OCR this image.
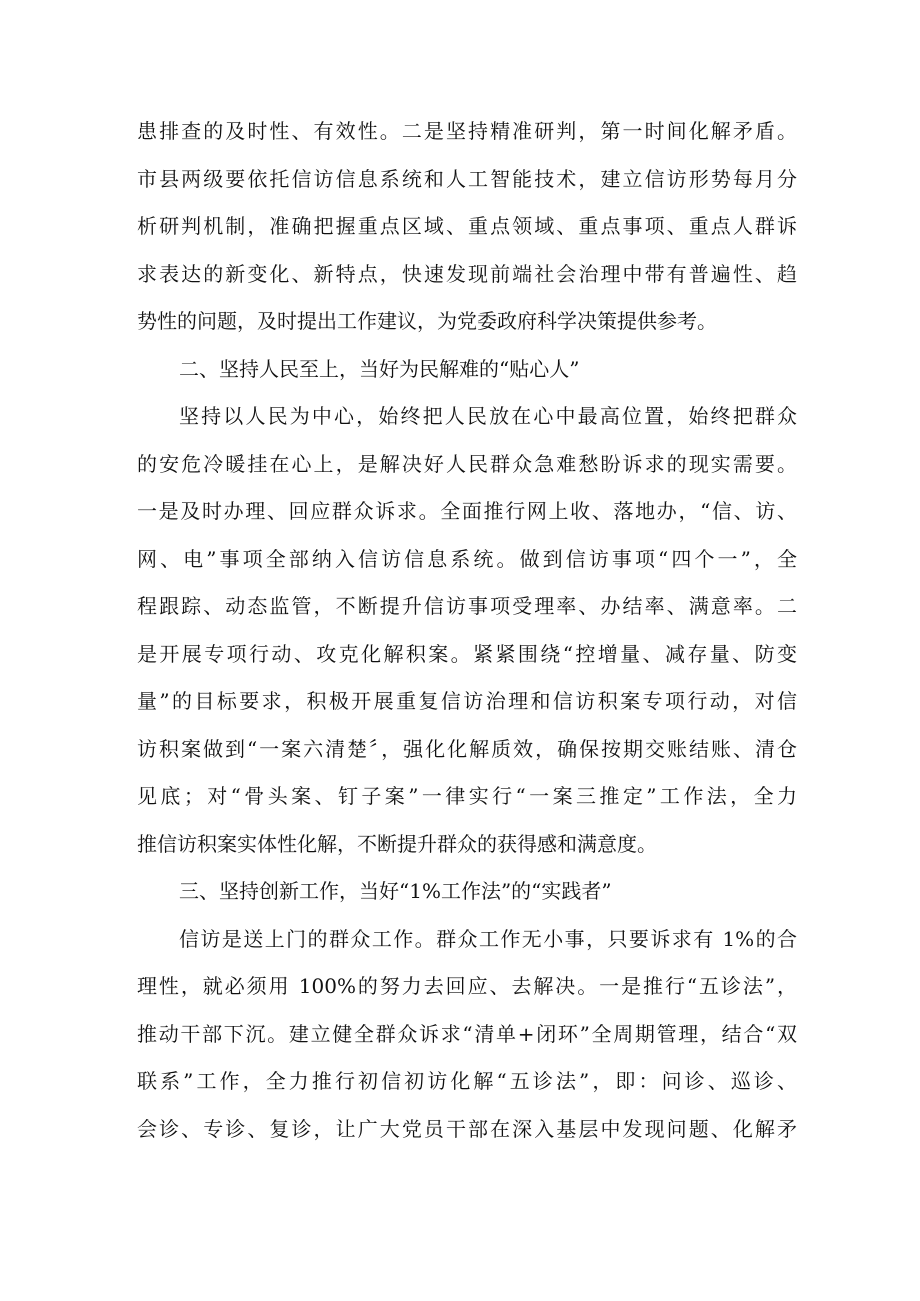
患排查的及时性、有效性。二是坚持精准研判，第一时间化解矛盾。
市县两级要依托信访信息系统和人工智能技术，建立信访形势每月分
析研判机制，准确把握重点区域、重点领域、重点事项、重点人群诉
求表达的新变化、新特点，快速发现前端社会治理中带有普遍性、趋
势性的问题，及时提出工作建议，为党委政府科学决策提供参考。
二、坚持人民至上，当好为民解难的“贴心人”
坚持以人民为中心，始终把人民放在心中最高位置，始终把群众
的安危冷暖挂在心上，是解决好人民群众急难愁盼诉求的现实需要。
一是及时办理、回应群众诉求。全面推行网上收、落地办，“信、访、
网、电”事项全部纳入信访信息系统。做到信访事项“四个一”，全
程跟踪、动态监管，不断提升信访事项受理率、办结率、满意率。二
是开展专项行动、攻克化解积案。紧紧围绕“控增量、减存量、防变
量”的目标要求，积极开展重复信访治理和信访积案专项行动，对信
访积案做到“一案六清楚〞，强化化解质效，确保按期交账结账、清仓
见底；对“骨头案、钉子案”一律实行“一案三推定”工作法，全力
推信访积案实体性化解，不断提升群众的获得感和满意度。
三、坚持创新工作，当好“1%工作法”的“实践者”
信访是送上门的群众工作。群众工作无小事，只要诉求有 1%的合
理性，就必须用 100%的努力去回应、去解决。一是推行“五诊法”，
推动干部下沉。建立健全群众诉求“清单+闭环”全周期管理，结合“双
联系”工作，全力推行初信初访化解“五诊法”，即：问诊、巡诊、
会诊、专诊、复诊，让广大党员干部在深入基层中发现问题、化解矛
